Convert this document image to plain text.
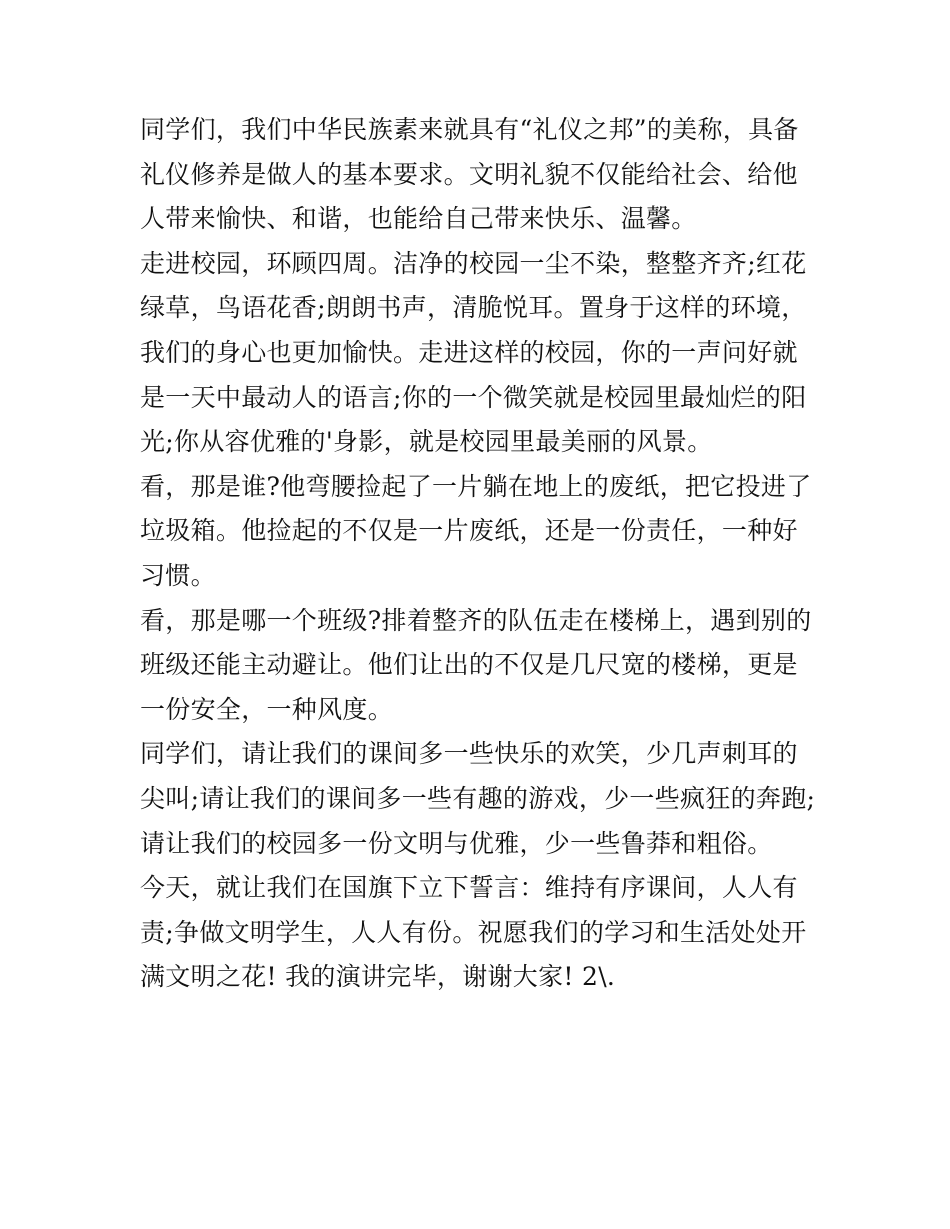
同学们，我们中华民族素来就具有“礼仪之邦”的美称，具备礼仪修养是做人的基本要求。文明礼貌不仅能给社会、给他人带来愉快、和谐，也能给自己带来快乐、温馨。

走进校园，环顾四周。洁净的校园一尘不染，整整齐齐;红花绿草，鸟语花香;朗朗书声，清脆悦耳。置身于这样的环境，我们的身心也更加愉快。走进这样的校园，你的一声问好就是一天中最动人的语言;你的一个微笑就是校园里最灿烂的阳光;你从容优雅的'身影，就是校园里最美丽的风景。

看，那是谁?他弯腰捡起了一片躺在地上的废纸，把它投进了垃圾箱。他捡起的不仅是一片废纸，还是一份责任，一种好习惯。

看，那是哪一个班级?排着整齐的队伍走在楼梯上，遇到别的班级还能主动避让。他们让出的不仅是几尺宽的楼梯，更是一份安全，一种风度。

同学们，请让我们的课间多一些快乐的欢笑，少几声刺耳的尖叫;请让我们的课间多一些有趣的游戏，少一些疯狂的奔跑;请让我们的校园多一份文明与优雅，少一些鲁莽和粗俗。

今天，就让我们在国旗下立下誓言：维持有序课间，人人有责;争做文明学生，人人有份。祝愿我们的学习和生活处处开满文明之花! 我的演讲完毕，谢谢大家! 2\.
